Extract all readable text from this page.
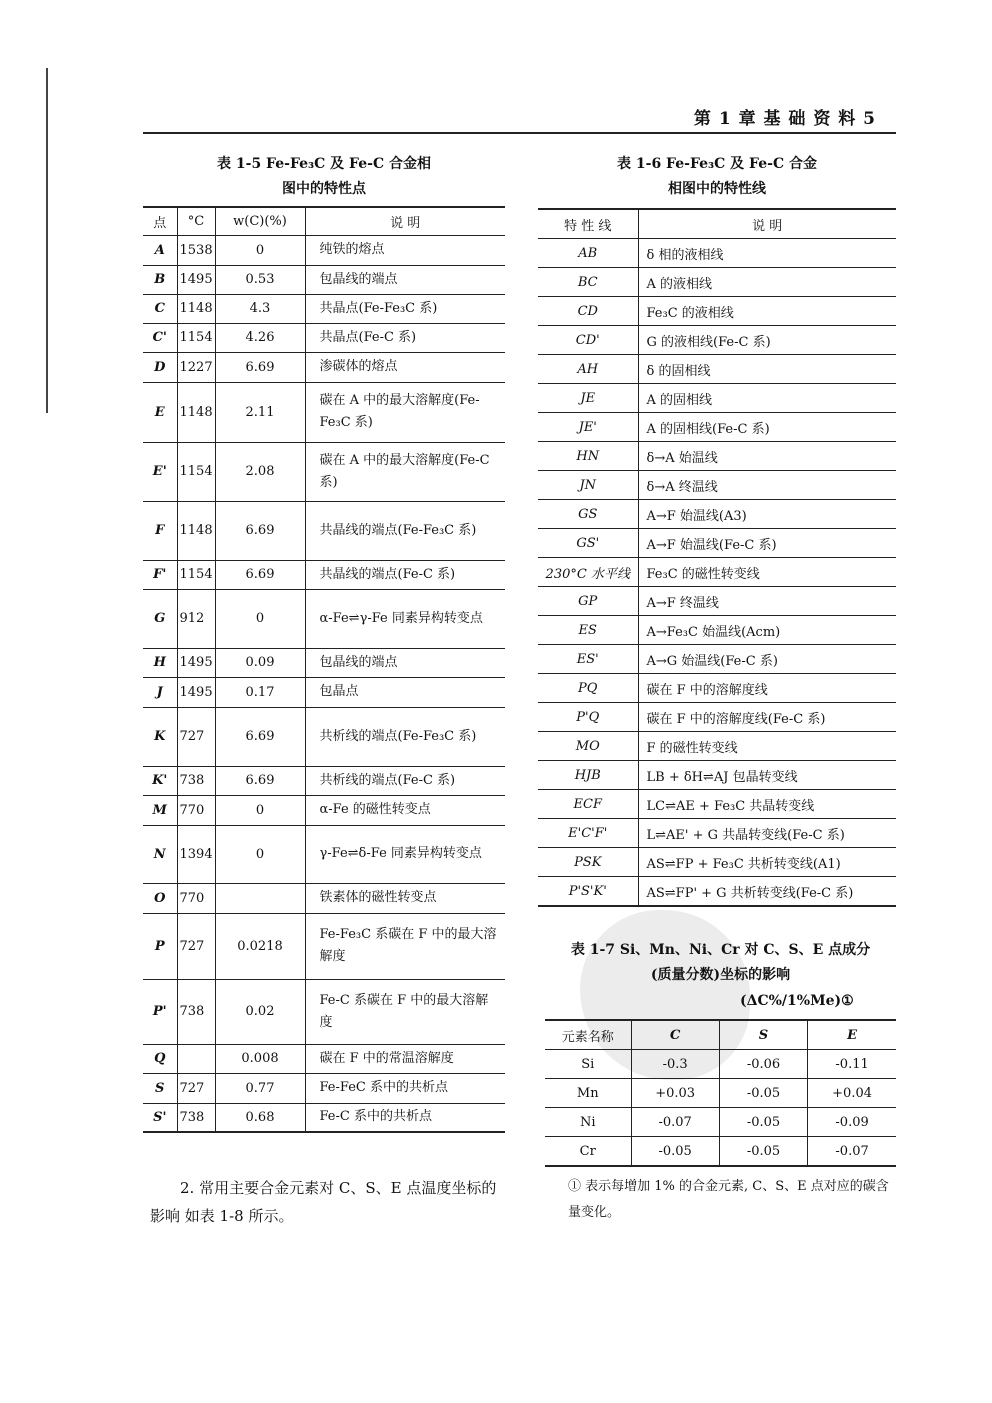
第 1 章 基 础 资 料 5
表 1-5 Fe-Fe₃C 及 Fe-C 合金相
图中的特性点
点	°C	w(C)(%)	说 明
A	1538	0	纯铁的熔点
B	1495	0.53	包晶线的端点
C	1148	4.3	共晶点(Fe-Fe₃C 系)
C'	1154	4.26	共晶点(Fe-C 系)
D	1227	6.69	渗碳体的熔点
E	1148	2.11	碳在 A 中的最大溶解度(Fe-Fe₃C 系)
E'	1154	2.08	碳在 A 中的最大溶解度(Fe-C 系)
F	1148	6.69	共晶线的端点(Fe-Fe₃C 系)
F'	1154	6.69	共晶线的端点(Fe-C 系)
G	912	0	α-Fe⇌γ-Fe 同素异构转变点
H	1495	0.09	包晶线的端点
J	1495	0.17	包晶点
K	727	6.69	共析线的端点(Fe-Fe₃C 系)
K'	738	6.69	共析线的端点(Fe-C 系)
M	770	0	α-Fe 的磁性转变点
N	1394	0	γ-Fe⇌δ-Fe 同素异构转变点
O	770		铁素体的磁性转变点
P	727	0.0218	Fe-Fe₃C 系碳在 F 中的最大溶解度
P'	738	0.02	Fe-C 系碳在 F 中的最大溶解度
Q		0.008	碳在 F 中的常温溶解度
S	727	0.77	Fe-FeC 系中的共析点
S'	738	0.68	Fe-C 系中的共析点
表 1-6 Fe-Fe₃C 及 Fe-C 合金
相图中的特性线
特 性 线	说 明
AB	δ 相的液相线
BC	A 的液相线
CD	Fe₃C 的液相线
CD'	G 的液相线(Fe-C 系)
AH	δ 的固相线
JE	A 的固相线
JE'	A 的固相线(Fe-C 系)
HN	δ→A 始温线
JN	δ→A 终温线
GS	A→F 始温线(A3)
GS'	A→F 始温线(Fe-C 系)
230°C 水平线	Fe₃C 的磁性转变线
GP	A→F 终温线
ES	A→Fe₃C 始温线(Acm)
ES'	A→G 始温线(Fe-C 系)
PQ	碳在 F 中的溶解度线
P'Q	碳在 F 中的溶解度线(Fe-C 系)
MO	F 的磁性转变线
HJB	LB + δH⇌AJ 包晶转变线
ECF	LC⇌AE + Fe₃C 共晶转变线
E'C'F'	L⇌AE' + G 共晶转变线(Fe-C 系)
PSK	AS⇌FP + Fe₃C 共析转变线(A1)
P'S'K'	AS⇌FP' + G 共析转变线(Fe-C 系)
表 1-7 Si、Mn、Ni、Cr 对 C、S、E 点成分
(质量分数)坐标的影响
(ΔC%/1%Me)①
元素名称	C	S	E
Si	-0.3	-0.06	-0.11
Mn	+0.03	-0.05	+0.04
Ni	-0.07	-0.05	-0.09
Cr	-0.05	-0.05	-0.07
① 表示每增加 1% 的合金元素, C、S、E 点对应的碳含量变化。
2. 常用主要合金元素对 C、S、E 点温度坐标的影响 如表 1-8 所示。
